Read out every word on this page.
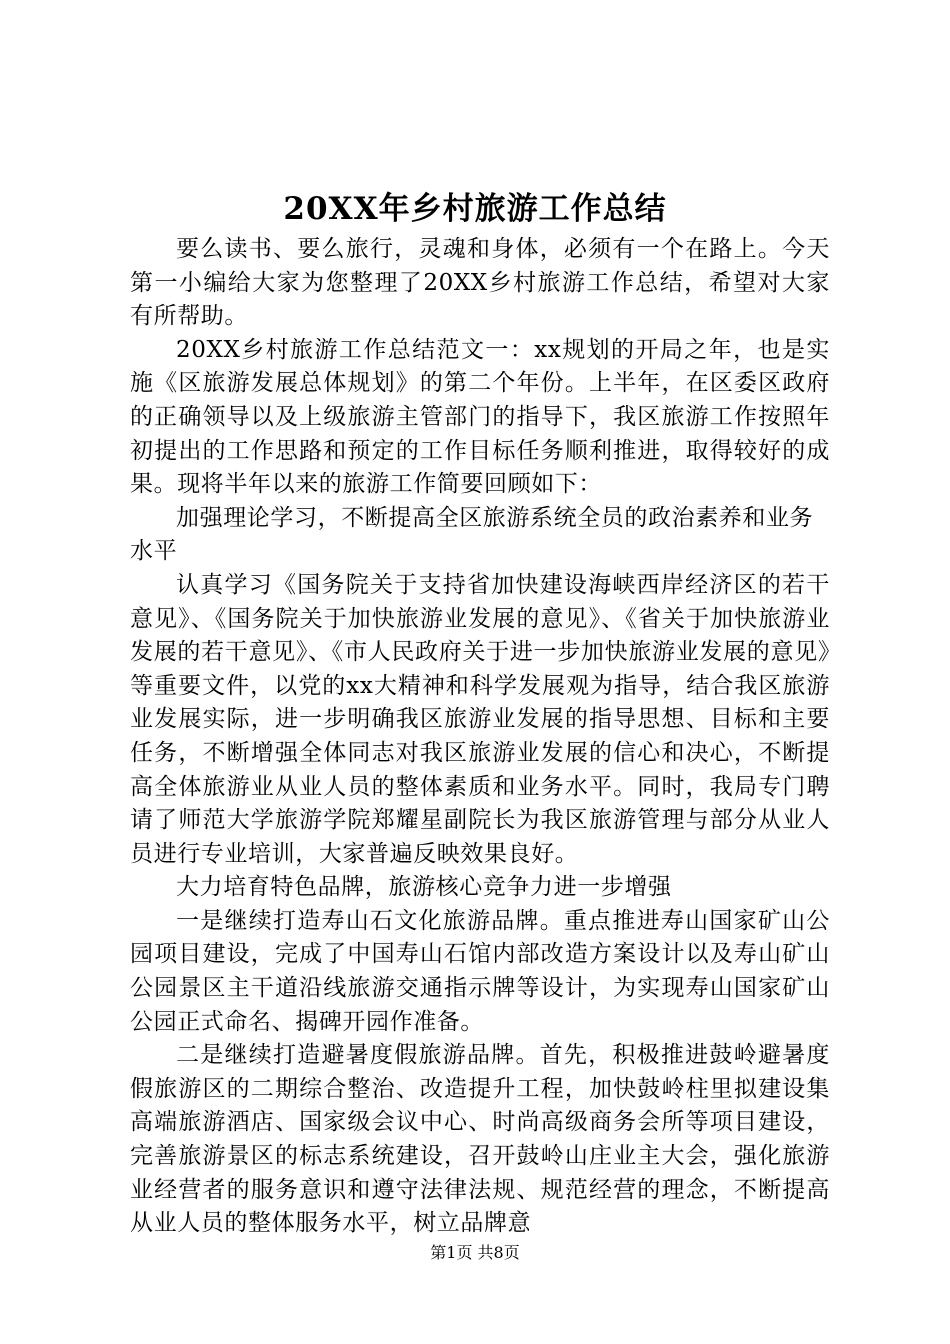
20XX年乡村旅游工作总结

要么读书、要么旅行，灵魂和身体，必须有一个在路上。今天第一小编给大家为您整理了20XX乡村旅游工作总结，希望对大家有所帮助。

20XX乡村旅游工作总结范文一：xx规划的开局之年，也是实施《区旅游发展总体规划》的第二个年份。上半年，在区委区政府的正确领导以及上级旅游主管部门的指导下，我区旅游工作按照年初提出的工作思路和预定的工作目标任务顺利推进，取得较好的成果。现将半年以来的旅游工作简要回顾如下：

加强理论学习，不断提高全区旅游系统全员的政治素养和业务水平

认真学习《国务院关于支持省加快建设海峡西岸经济区的若干意见》、《国务院关于加快旅游业发展的意见》、《省关于加快旅游业发展的若干意见》、《市人民政府关于进一步加快旅游业发展的意见》等重要文件，以党的xx大精神和科学发展观为指导，结合我区旅游业发展实际，进一步明确我区旅游业发展的指导思想、目标和主要任务，不断增强全体同志对我区旅游业发展的信心和决心，不断提高全体旅游业从业人员的整体素质和业务水平。同时，我局专门聘请了师范大学旅游学院郑耀星副院长为我区旅游管理与部分从业人员进行专业培训，大家普遍反映效果良好。

大力培育特色品牌，旅游核心竞争力进一步增强

一是继续打造寿山石文化旅游品牌。重点推进寿山国家矿山公园项目建设，完成了中国寿山石馆内部改造方案设计以及寿山矿山公园景区主干道沿线旅游交通指示牌等设计，为实现寿山国家矿山公园正式命名、揭碑开园作准备。

二是继续打造避暑度假旅游品牌。首先，积极推进鼓岭避暑度假旅游区的二期综合整治、改造提升工程，加快鼓岭柱里拟建设集高端旅游酒店、国家级会议中心、时尚高级商务会所等项目建设，完善旅游景区的标志系统建设，召开鼓岭山庄业主大会，强化旅游业经营者的服务意识和遵守法律法规、规范经营的理念，不断提高从业人员的整体服务水平，树立品牌意

第1页 共8页
